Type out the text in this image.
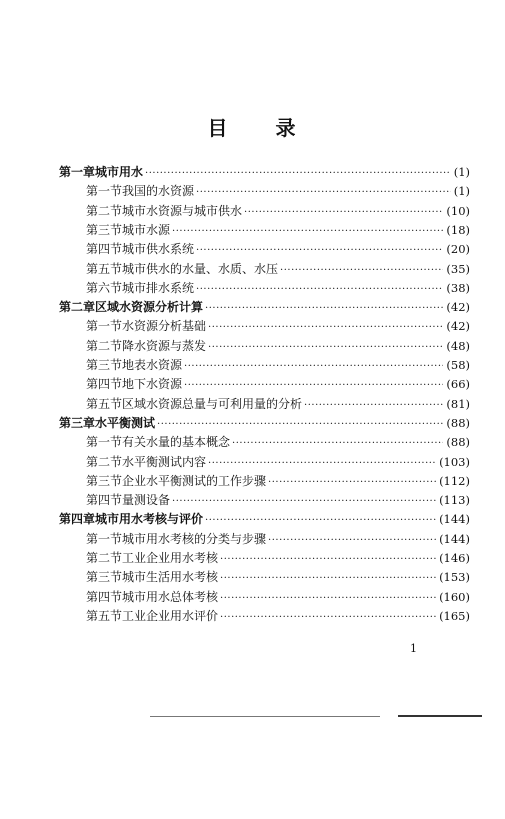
目 录
第一章 城市用水 ·····	(1)
第一节 我国的水资源 ·····	(1)
第二节 城市水资源与城市供水 ·····	(10)
第三节 城市水源 ·····	(18)
第四节 城市供水系统 ·····	(20)
第五节 城市供水的水量、水质、水压 ·····	(35)
第六节 城市排水系统 ·····	(38)
第二章 区域水资源分析计算 ·····	(42)
第一节 水资源分析基础 ·····	(42)
第二节 降水资源与蒸发 ·····	(48)
第三节 地表水资源 ·····	(58)
第四节 地下水资源 ·····	(66)
第五节 区域水资源总量与可利用量的分析 ·····	(81)
第三章 水平衡测试 ·····	(88)
第一节 有关水量的基本概念 ·····	(88)
第二节 水平衡测试内容 ·····	(103)
第三节 企业水平衡测试的工作步骤 ·····	(112)
第四节 量测设备 ·····	(113)
第四章 城市用水考核与评价 ·····	(144)
第一节 城市用水考核的分类与步骤 ·····	(144)
第二节 工业企业用水考核 ·····	(146)
第三节 城市生活用水考核 ·····	(153)
第四节 城市用水总体考核 ·····	(160)
第五节 工业企业用水评价 ·····	(165)
1
